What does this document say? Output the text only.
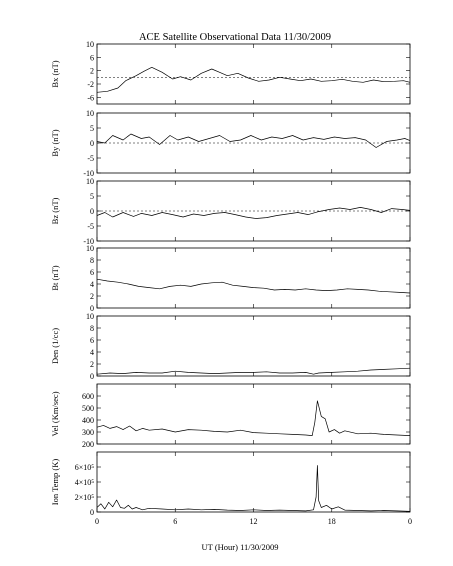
ACE Satellite Observational Data 11/30/2009
-6
-2
2
6
10
Bx (nT)
-10
-5
0
5
10
By (nT)
-10
-5
0
5
10
Bz (nT)
0
2
4
6
8
10
Bt (nT)
0
2
4
6
8
10
Den (1/cc)
200
300
400
500
600
Vel (Km/sec)
0
2×10⁵
4×10⁵
6×10⁵
Ion Temp (K)
0	6	12	18	0
UT (Hour) 11/30/2009
